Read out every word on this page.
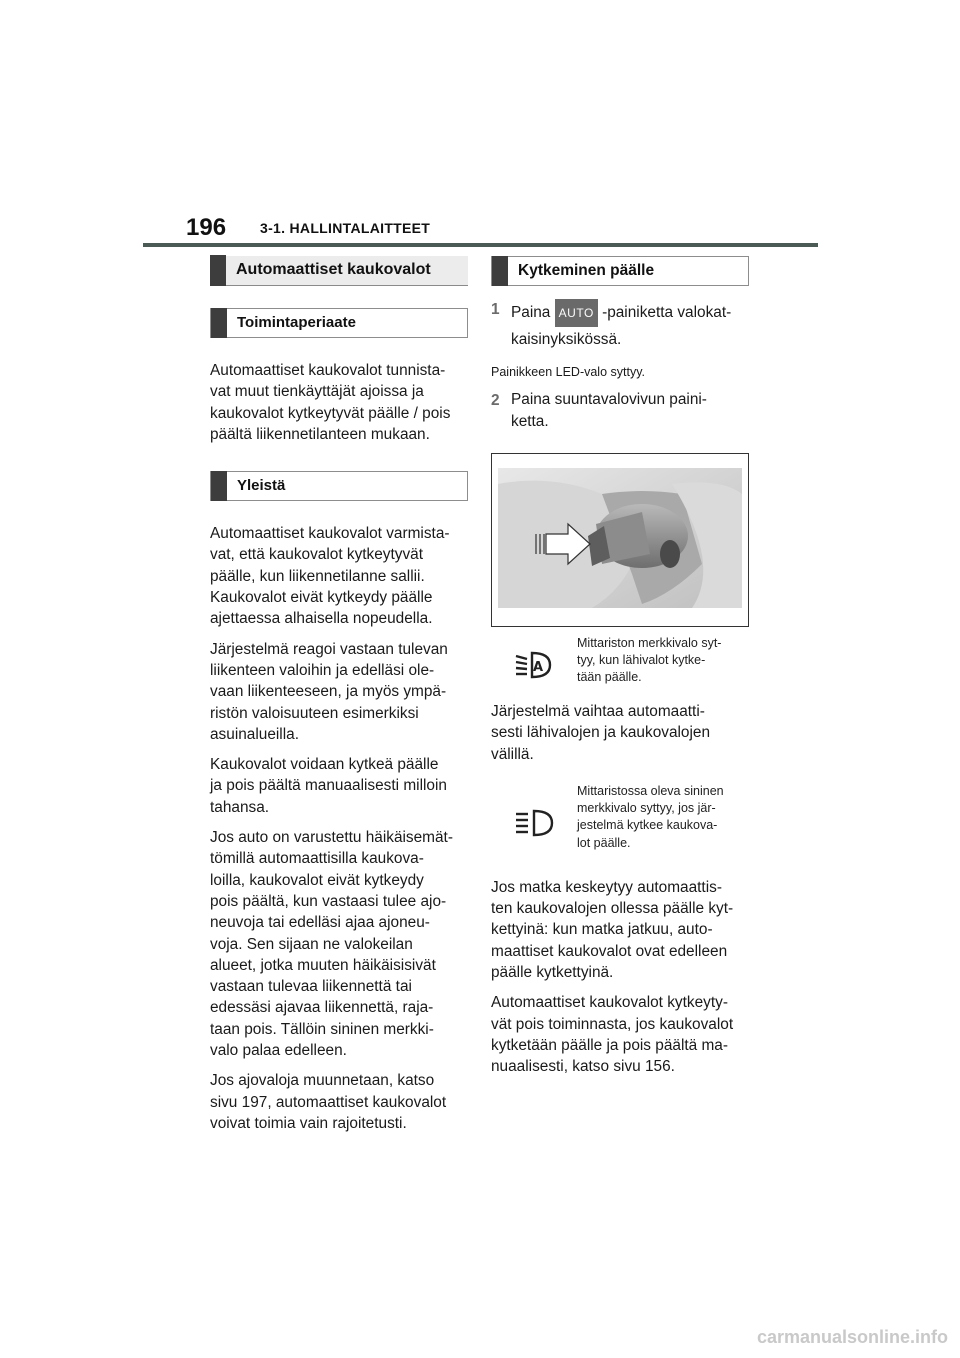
196 3-1. HALLINTALAITTEET
Automaattiset kaukovalot
Toimintaperiaate

Automaattiset kaukovalot tunnista-
vat muut tienkäyttäjät ajoissa ja
kaukovalot kytkeytyvät päälle / pois
päältä liikennetilanteen mukaan.

Yleistä

Automaattiset kaukovalot varmista-
vat, että kaukovalot kytkeytyvät
päälle, kun liikennetilanne sallii.
Kaukovalot eivät kytkeydy päälle
ajettaessa alhaisella nopeudella.

Järjestelmä reagoi vastaan tulevan
liikenteen valoihin ja edelläsi ole-
vaan liikenteeseen, ja myös ympä-
ristön valoisuuteen esimerkiksi
asuinalueilla.

Kaukovalot voidaan kytkeä päälle
ja pois päältä manuaalisesti milloin
tahansa.

Jos auto on varustettu häikäisemät-
tömillä automaattisilla kaukova-
loilla, kaukovalot eivät kytkeydy
pois päältä, kun vastaasi tulee ajo-
neuvoja tai edelläsi ajaa ajoneu-
voja. Sen sijaan ne valokeilan
alueet, jotka muuten häikäisisivät
vastaan tulevaa liikennettä tai
edessäsi ajavaa liikennettä, raja-
taan pois. Tällöin sininen merkki-
valo palaa edelleen.

Jos ajovaloja muunnetaan, katso
sivu 197, automaattiset kaukovalot
voivat toimia vain rajoitetusti.

Kytkeminen päälle
1 Paina AUTO -painiketta valokat-
kaisinyksikössä.

Painikkeen LED-valo syttyy.

2 Paina suuntavalovivun paini-
ketta.
A
Mittariston merkkivalo syt-
tyy, kun lähivalot kytke-
tään päälle.

Järjestelmä vaihtaa automaatti-
sesti lähivalojen ja kaukovalojen
välillä.

Mittaristossa oleva sininen
merkkivalo syttyy, jos jär-
jestelmä kytkee kaukova-
lot päälle.

Jos matka keskeytyy automaattis-
ten kaukovalojen ollessa päälle kyt-
kettyinä: kun matka jatkuu, auto-
maattiset kaukovalot ovat edelleen
päälle kytkettyinä.

Automaattiset kaukovalot kytkeyty-
vät pois toiminnasta, jos kaukovalot
kytketään päälle ja pois päältä ma-
nuaalisesti, katso sivu 156.

carmanualsonline.info
